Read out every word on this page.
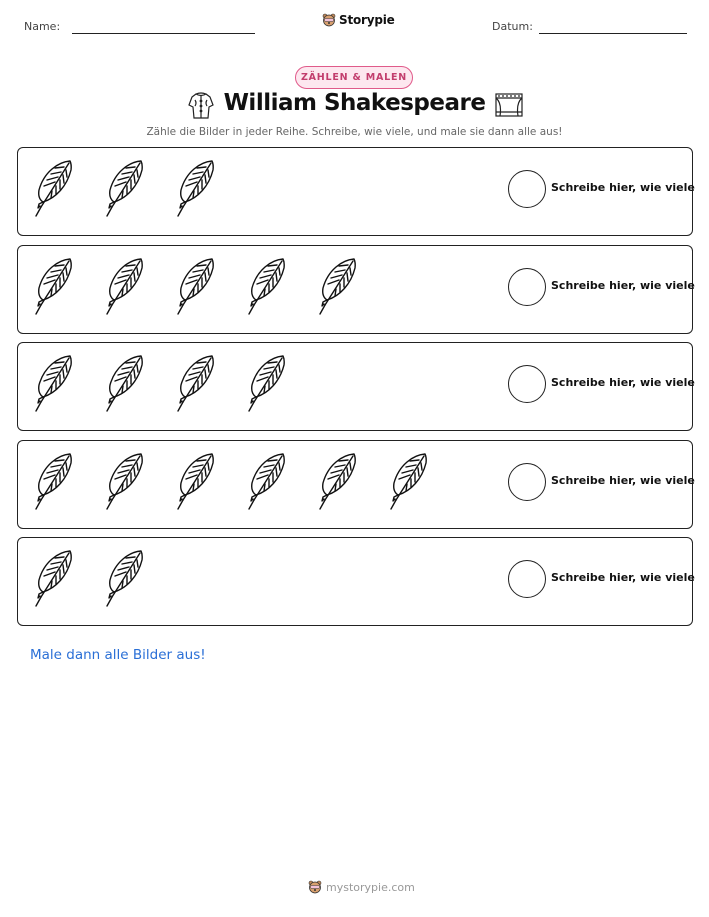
Name:	Storypie	Datum:
ZÄHLEN & MALEN
William Shakespeare
Zähle die Bilder in jeder Reihe. Schreibe, wie viele, und male sie dann alle aus!
Schreibe hier, wie viele
Schreibe hier, wie viele
Schreibe hier, wie viele
Schreibe hier, wie viele
Schreibe hier, wie viele
Male dann alle Bilder aus!
mystorypie.com
